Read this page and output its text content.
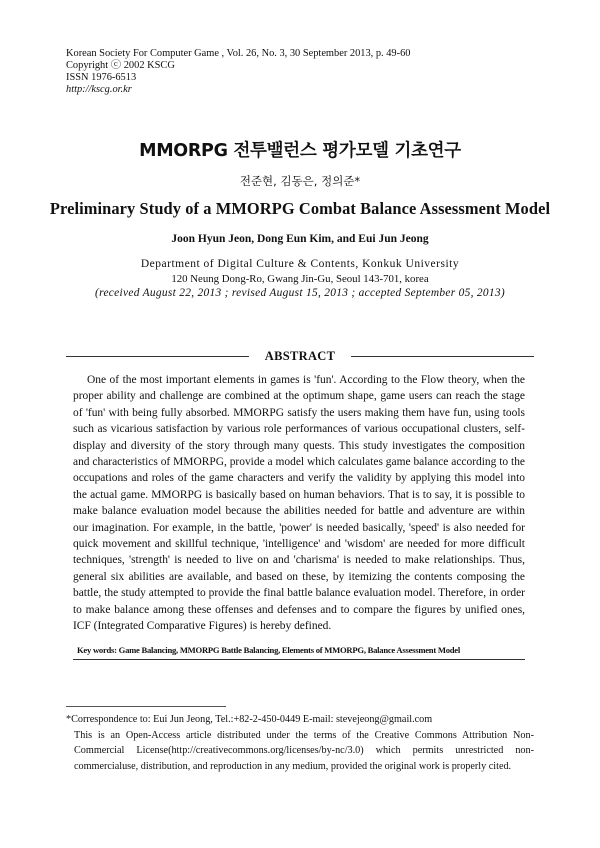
Korean Society For Computer Game , Vol. 26, No. 3, 30 September 2013, p. 49-60
Copyright ⓒ 2002 KSCG
ISSN 1976-6513
http://kscg.or.kr
MMORPG 전투밸런스 평가모델 기초연구
전준현, 김동은, 정의준*
Preliminary Study of a MMORPG Combat Balance Assessment Model
Joon Hyun Jeon, Dong Eun Kim, and Eui Jun Jeong
Department of Digital Culture & Contents, Konkuk University
120 Neung Dong-Ro, Gwang Jin-Gu, Seoul 143-701, korea
(received August 22, 2013 ; revised August 15, 2013 ; accepted September 05, 2013)
ABSTRACT

One of the most important elements in games is 'fun'. According to the Flow theory, when the proper ability and challenge are combined at the optimum shape, game users can reach the stage of 'fun' with being fully absorbed. MMORPG satisfy the users making them have fun, using tools such as vicarious satisfaction by various role performances of various occupational clusters, self-display and diversity of the story through many quests. This study investigates the composition and characteristics of MMORPG, provide a model which calculates game balance according to the occupations and roles of the game characters and verify the validity by applying this model into the actual game. MMORPG is basically based on human behaviors. That is to say, it is possible to make balance evaluation model because the abilities needed for battle and adventure are within our imagination. For example, in the battle, 'power' is needed basically, 'speed' is also needed for quick movement and skillful technique, 'intelligence' and 'wisdom' are needed for more difficult techniques, 'strength' is needed to live on and 'charisma' is needed to make relationships. Thus, general six abilities are available, and based on these, by itemizing the contents composing the battle, the study attempted to provide the final battle balance evaluation model. Therefore, in order to make balance among these offenses and defenses and to compare the figures by unified ones, ICF (Integrated Comparative Figures) is hereby defined.

Key words: Game Balancing, MMORPG Battle Balancing, Elements of MMORPG, Balance Assessment Model
*Correspondence to: Eui Jun Jeong, Tel.:+82-2-450-0449 E-mail: stevejeong@gmail.com
This is an Open-Access article distributed under the terms of the Creative Commons Attribution Non-Commercial License(http://creativecommons.org/licenses/by-nc/3.0) which permits unrestricted non-commercialuse, distribution, and reproduction in any medium, provided the original work is properly cited.
